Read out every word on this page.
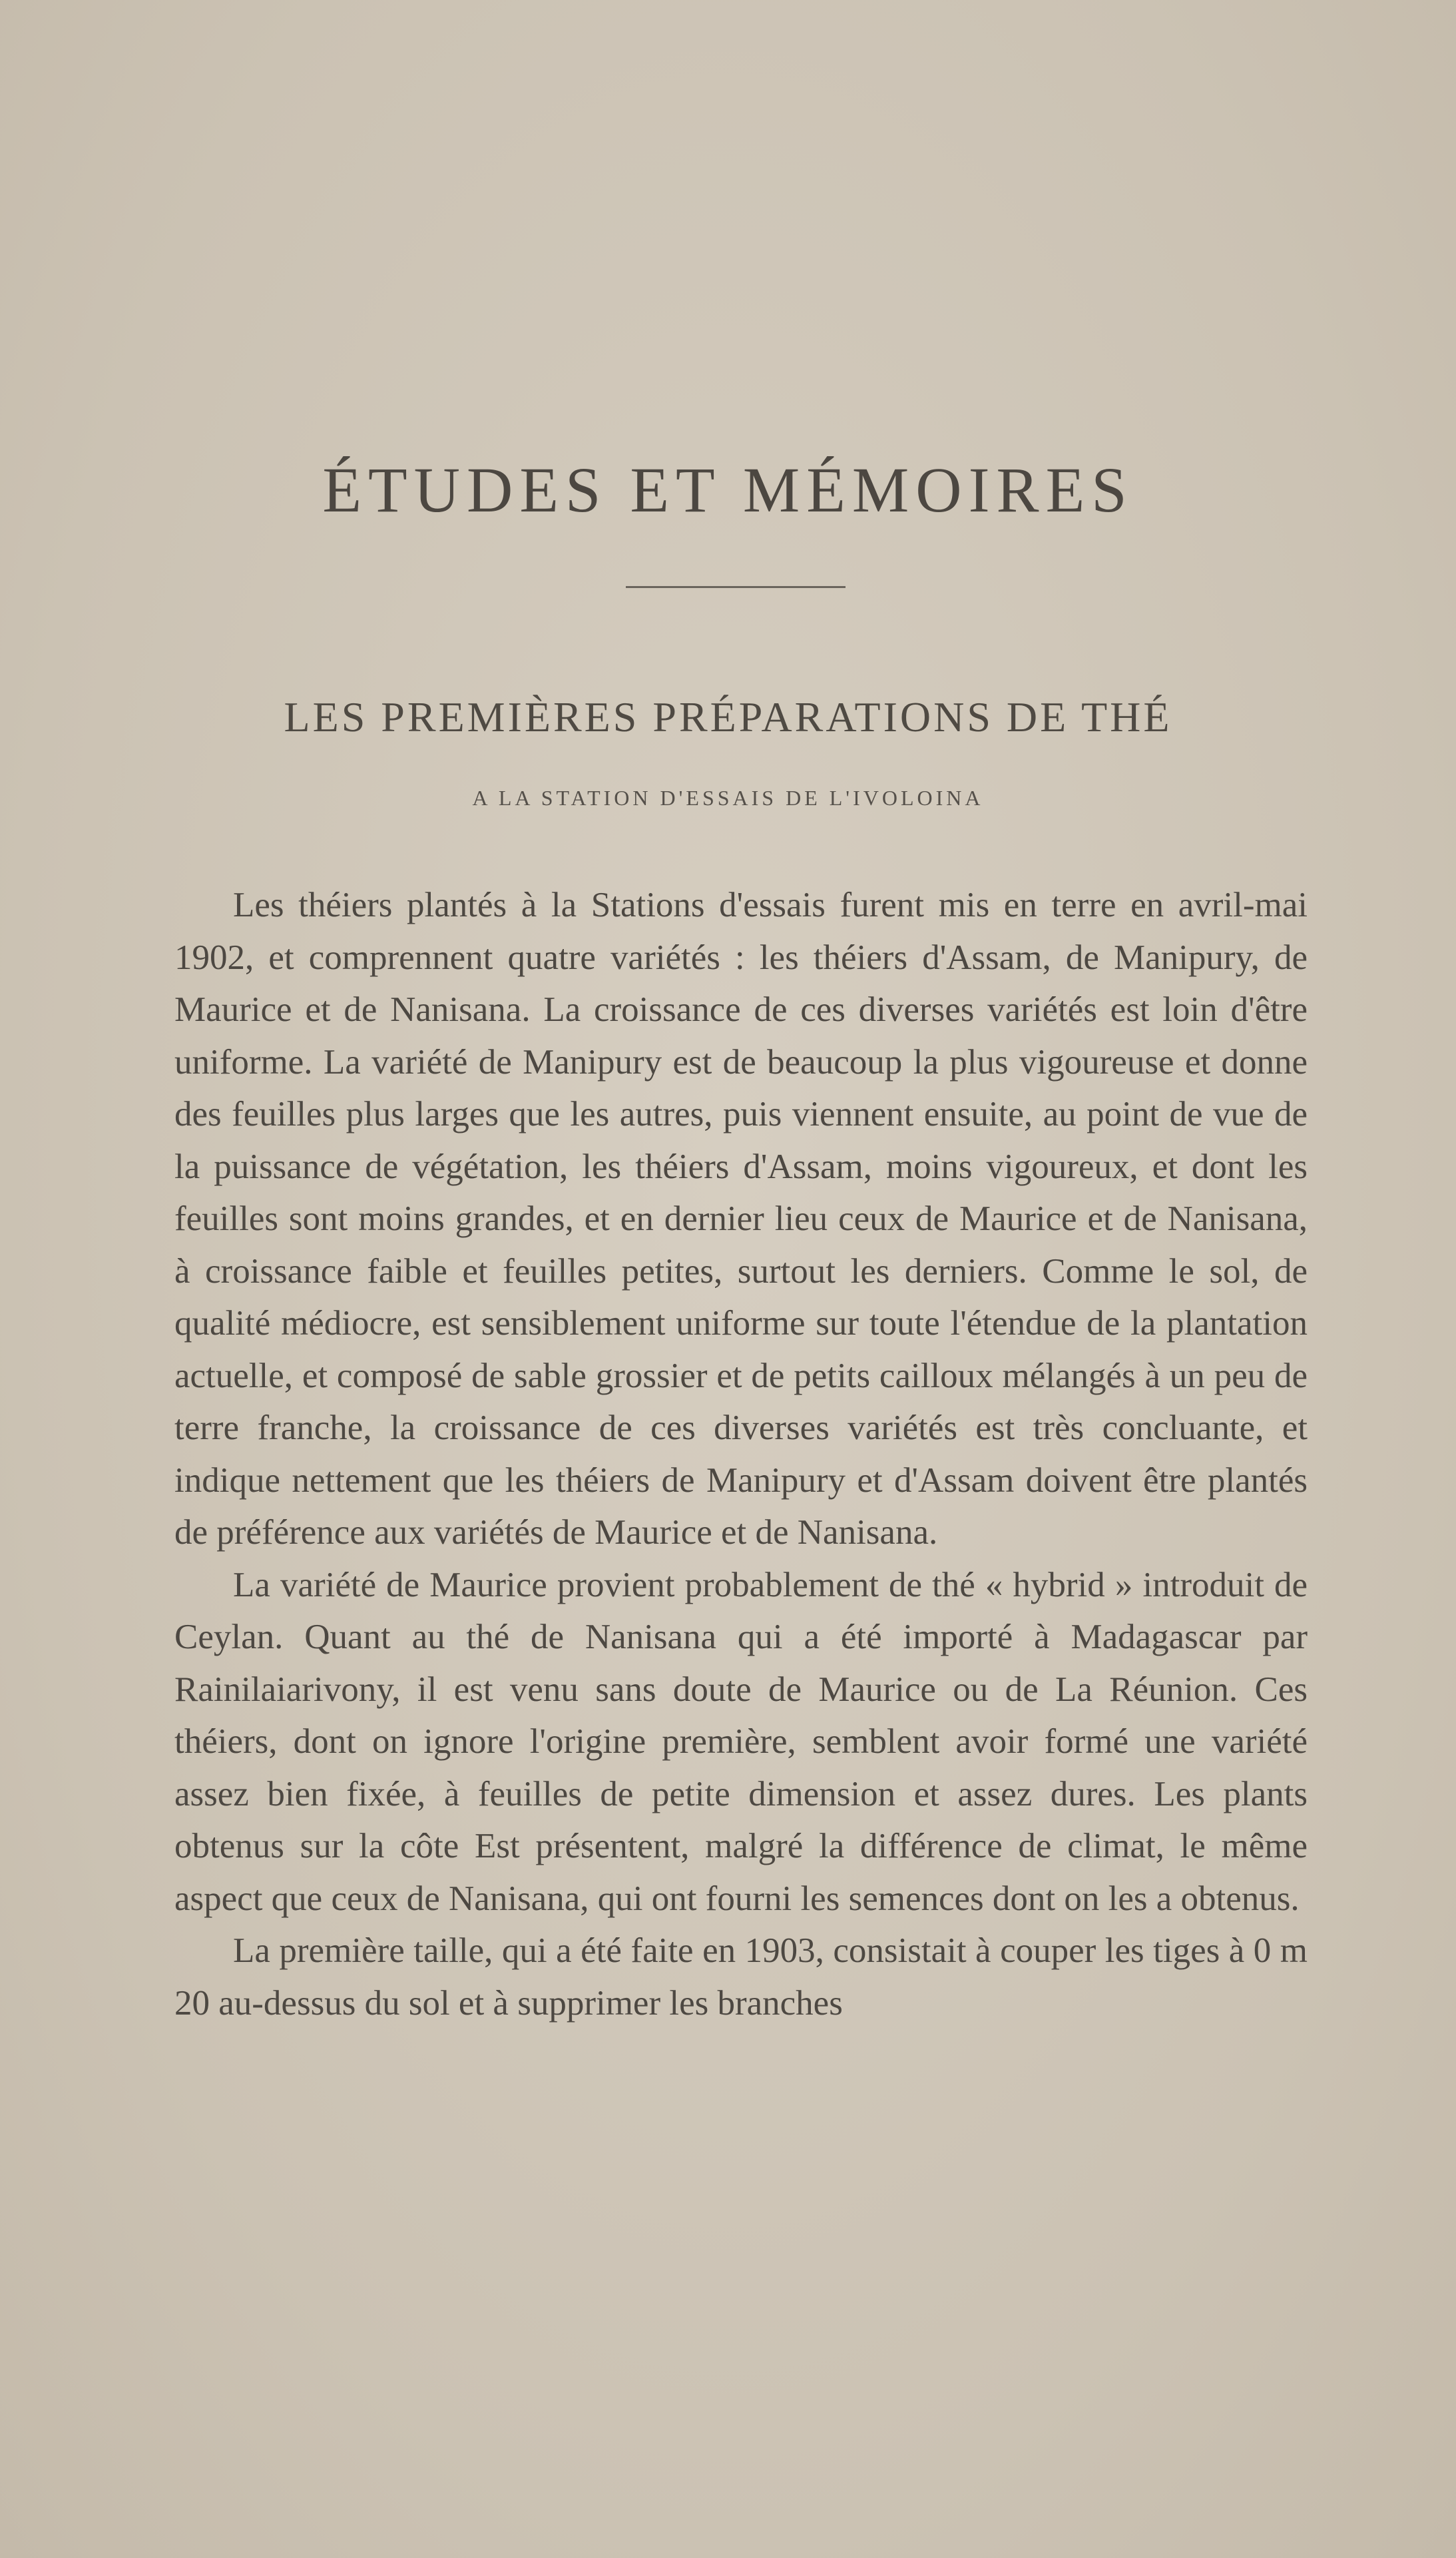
ÉTUDES ET MÉMOIRES
LES PREMIÈRES PRÉPARATIONS DE THÉ
A LA STATION D'ESSAIS DE L'IVOLOINA

Les théiers plantés à la Stations d'essais furent mis en terre en avril-mai 1902, et comprennent quatre variétés : les théiers d'Assam, de Manipury, de Maurice et de Nanisana. La croissance de ces diverses variétés est loin d'être uniforme. La variété de Manipury est de beaucoup la plus vigoureuse et donne des feuilles plus larges que les autres, puis viennent ensuite, au point de vue de la puissance de végétation, les théiers d'Assam, moins vigoureux, et dont les feuilles sont moins grandes, et en dernier lieu ceux de Maurice et de Nanisana, à croissance faible et feuilles petites, surtout les derniers. Comme le sol, de qualité médiocre, est sensiblement uniforme sur toute l'étendue de la plantation actuelle, et composé de sable grossier et de petits cailloux mélangés à un peu de terre franche, la croissance de ces diverses variétés est très concluante, et indique nettement que les théiers de Manipury et d'Assam doivent être plantés de préférence aux variétés de Maurice et de Nanisana.

La variété de Maurice provient probablement de thé « hybrid » introduit de Ceylan. Quant au thé de Nanisana qui a été importé à Madagascar par Rainilaiarivony, il est venu sans doute de Maurice ou de La Réunion. Ces théiers, dont on ignore l'origine première, semblent avoir formé une variété assez bien fixée, à feuilles de petite dimension et assez dures. Les plants obtenus sur la côte Est présentent, malgré la différence de climat, le même aspect que ceux de Nanisana, qui ont fourni les semences dont on les a obtenus.

La première taille, qui a été faite en 1903, consistait à couper les tiges à 0 m 20 au-dessus du sol et à supprimer les branches
